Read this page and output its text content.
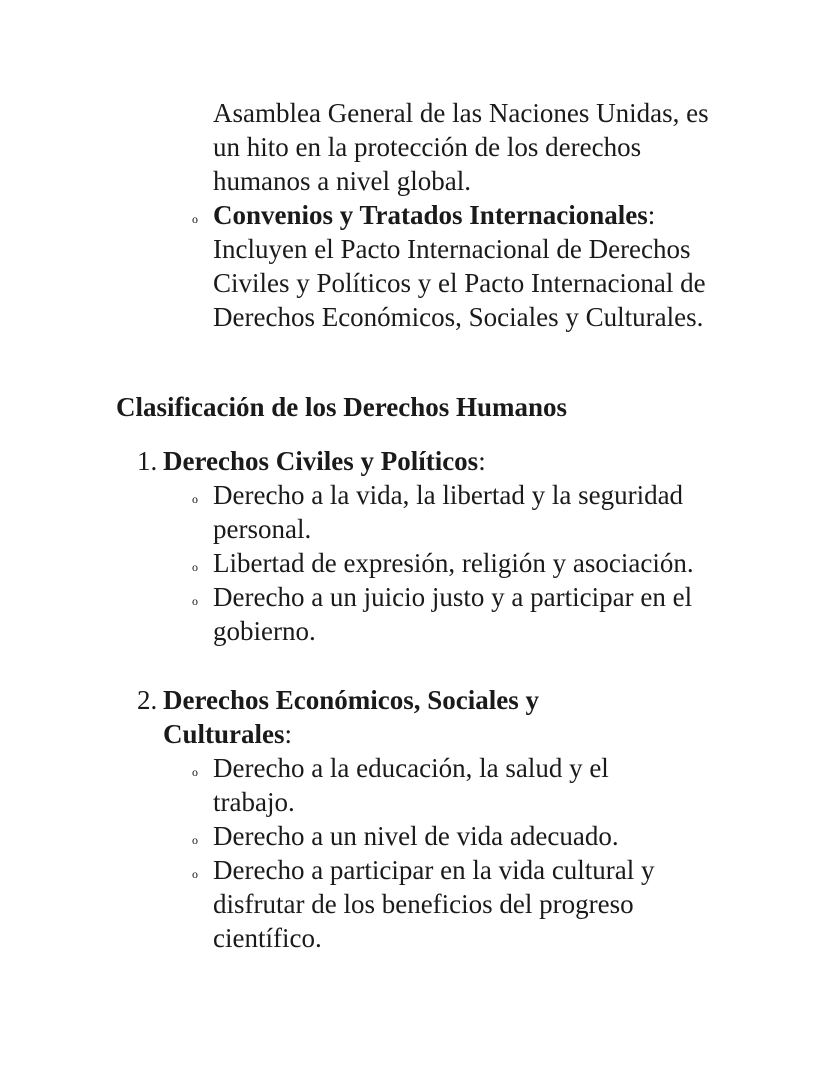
Asamblea General de las Naciones Unidas, es un hito en la protección de los derechos humanos a nivel global.

o Convenios y Tratados Internacionales: Incluyen el Pacto Internacional de Derechos Civiles y Políticos y el Pacto Internacional de Derechos Económicos, Sociales y Culturales.

Clasificación de los Derechos Humanos
1. Derechos Civiles y Políticos:

o Derecho a la vida, la libertad y la seguridad personal.
o Libertad de expresión, religión y asociación.
o Derecho a un juicio justo y a participar en el gobierno.
2. Derechos Económicos, Sociales y Culturales:

o Derecho a la educación, la salud y el trabajo.
o Derecho a un nivel de vida adecuado.
o Derecho a participar en la vida cultural y disfrutar de los beneficios del progreso científico.
